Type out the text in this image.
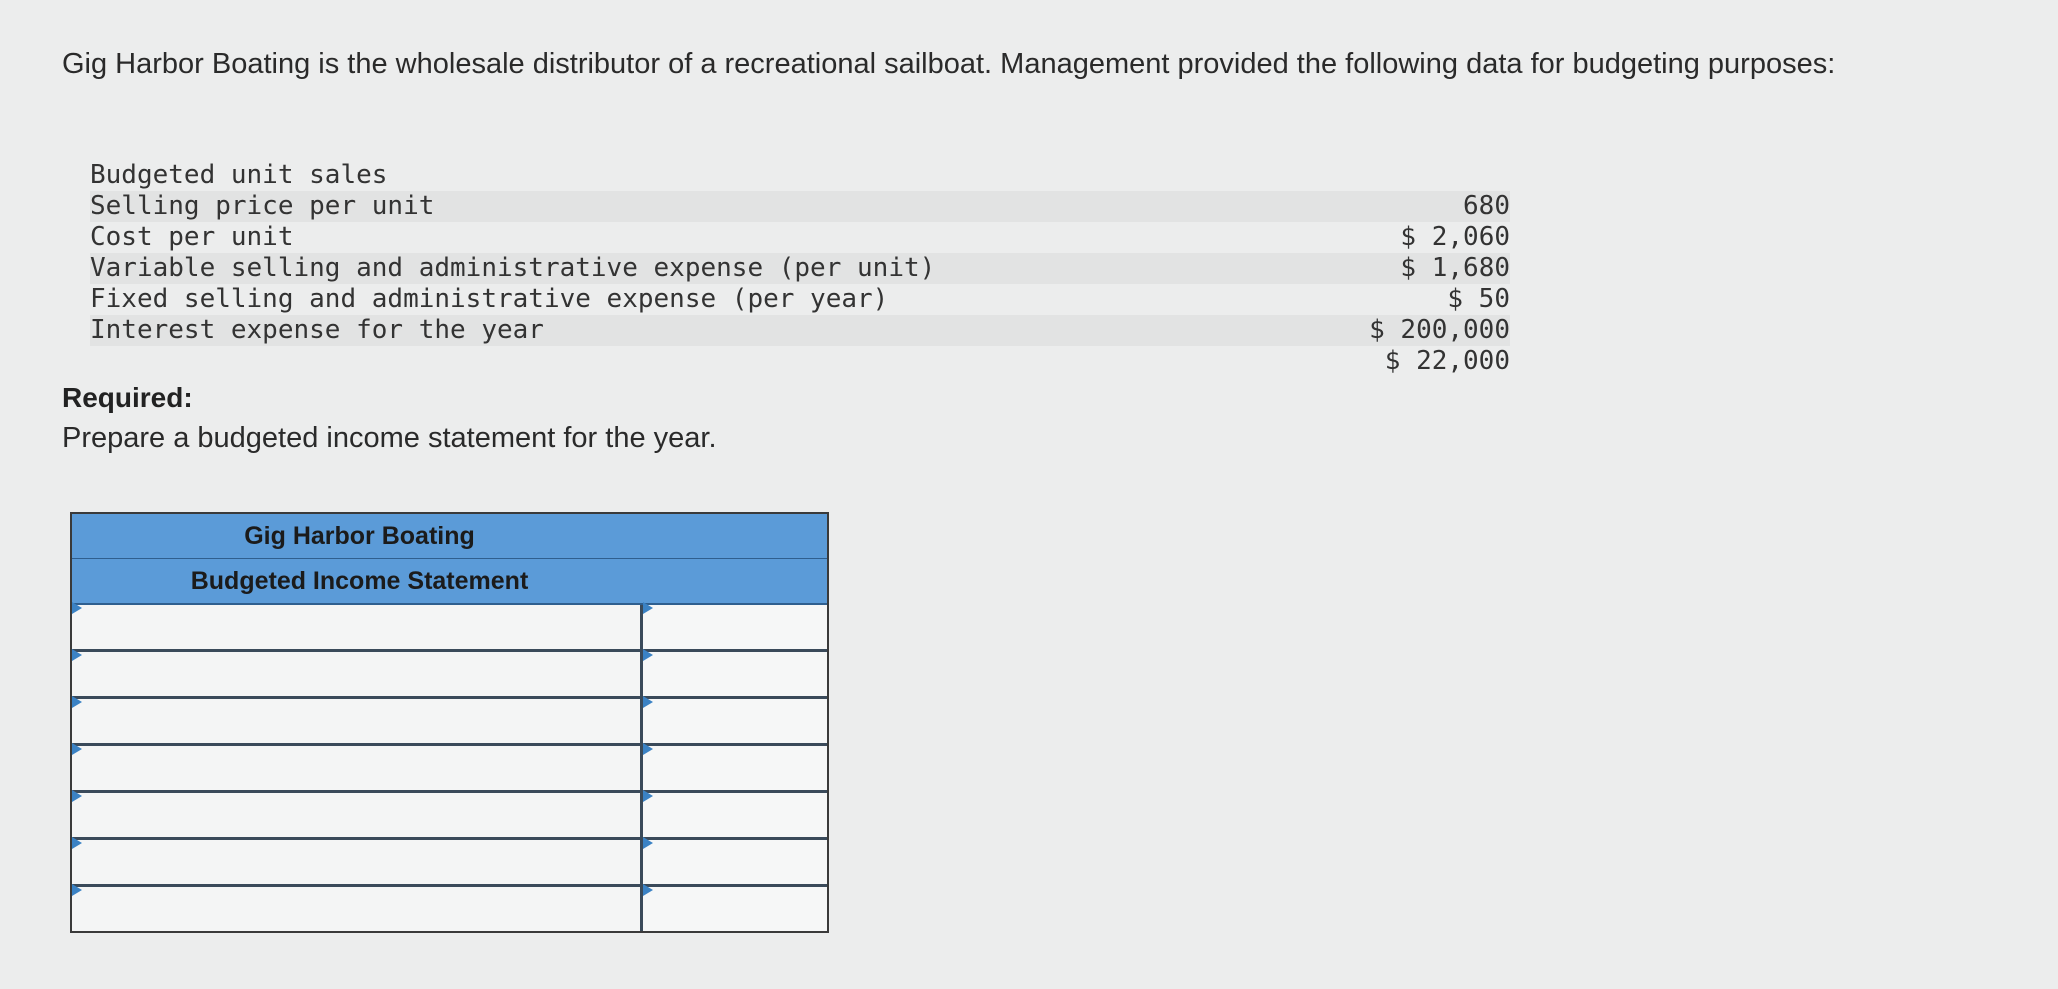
Gig Harbor Boating is the wholesale distributor of a recreational sailboat. Management provided the following data for budgeting purposes:
Budgeted unit sales
Selling price per unit
Cost per unit
Variable selling and administrative expense (per unit)
Fixed selling and administrative expense (per year)
Interest expense for the year
680
$ 2,060
$ 1,680
$ 50
$ 200,000
$ 22,000
Required:
Prepare a budgeted income statement for the year.
Gig Harbor Boating
Budgeted Income Statement
